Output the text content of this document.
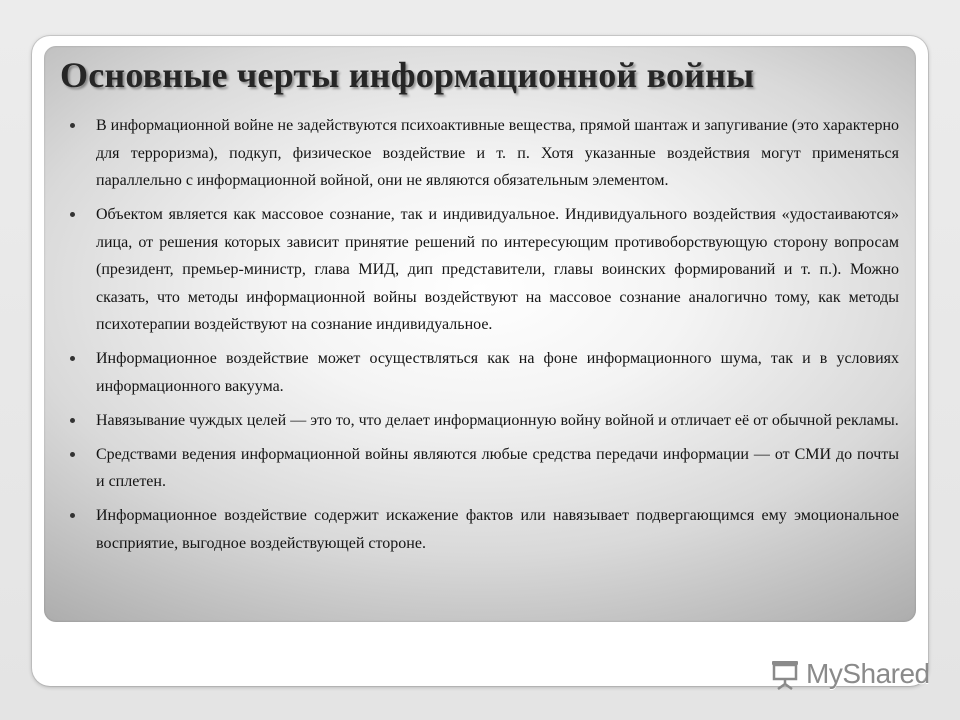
Основные черты информационной войны
В информационной войне не задействуются психоактивные вещества, прямой шантаж и запугивание (это характерно для терроризма), подкуп, физическое воздействие и т. п. Хотя указанные воздействия могут применяться параллельно с информационной войной, они не являются обязательным элементом.
Объектом является как массовое сознание, так и индивидуальное. Индивидуального воздействия «удостаиваются» лица, от решения которых зависит принятие решений по интересующим противоборствующую сторону вопросам (президент, премьер-министр, глава МИД, дип представители, главы воинских формирований и т. п.). Можно сказать, что методы информационной войны воздействуют на массовое сознание аналогично тому, как методы психотерапии воздействуют на сознание индивидуальное.
Информационное воздействие может осуществляться как на фоне информационного шума, так и в условиях информационного вакуума.
Навязывание чуждых целей — это то, что делает информационную войну войной и отличает её от обычной рекламы.
Средствами ведения информационной войны являются любые средства передачи информации — от СМИ до почты и сплетен.
Информационное воздействие содержит искажение фактов или навязывает подвергающимся ему эмоциональное восприятие, выгодное воздействующей стороне.
MyShared
